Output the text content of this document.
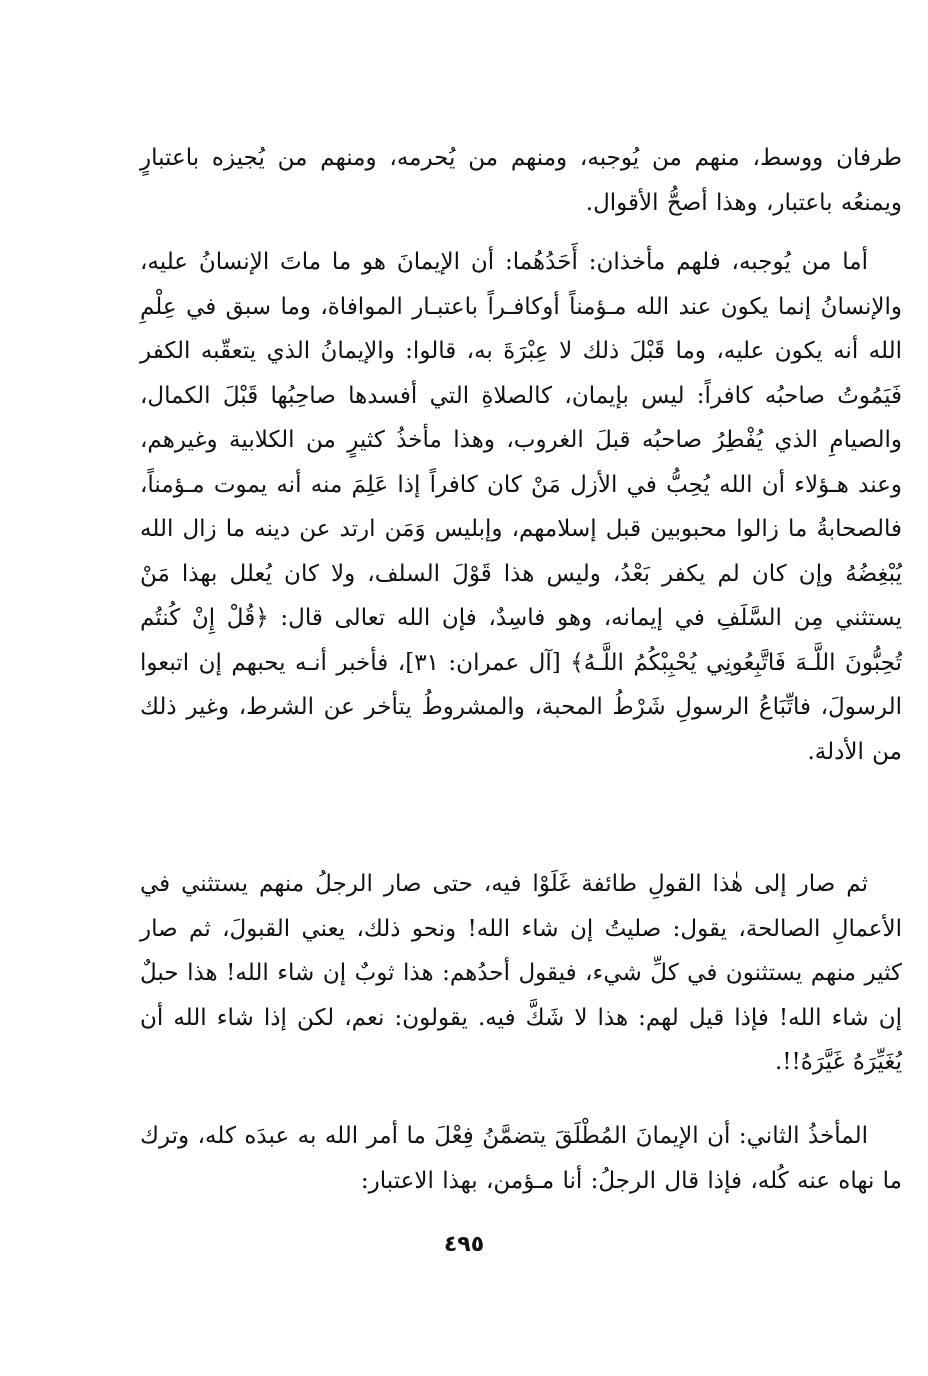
طرفان ووسط، منهم من يُوجبه، ومنهم من يُحرمه، ومنهم من يُجيزه باعتبارٍ ويمنعُه باعتبار، وهذا أصحُّ الأقوال.

أما من يُوجبه، فلهم مأخذان: أَحَدُهُما: أن الإيمانَ هو ما ماتَ الإنسانُ عليه، والإنسانُ إنما يكون عند الله مـؤمناً أوكافـراً باعتبـار الموافاة، وما سبق في عِلْمِ الله أنه يكون عليه، وما قَبْلَ ذلك لا عِبْرَةَ به، قالوا: والإيمانُ الذي يتعقّبه الكفر فَيَمُوتُ صاحبُه كافراً: ليس بإيمان، كالصلاةِ التي أفسدها صاحِبُها قَبْلَ الكمال، والصيامِ الذي يُفْطِرُ صاحبُه قبلَ الغروب، وهذا مأخذُ كثيرٍ من الكلابية وغيرهم، وعند هـؤلاء أن الله يُحِبُّ في الأزل مَنْ كان كافراً إذا عَلِمَ منه أنه يموت مـؤمناً، فالصحابةُ ما زالوا محبوبين قبل إسلامهم، وإبليس وَمَن ارتد عن دينه ما زال الله يُبْغِضُهُ وإن كان لم يكفر بَعْدُ، وليس هذا قَوْلَ السلف، ولا كان يُعلل بهذا مَنْ يستثني مِن السَّلَفِ في إيمانه، وهو فاسِدٌ، فإن الله تعالى قال: ﴿قُلْ إِنْ كُنتُم تُحِبُّونَ اللَّـهَ فَاتَّبِعُونِي يُحْبِبْكُمُ اللَّـهُ﴾ [آل عمران: ٣١]، فأخبر أنـه يحبهم إن اتبعوا الرسولَ، فاتِّبَاعُ الرسولِ شَرْطُ المحبة، والمشروطُ يتأخر عن الشرط، وغير ذلك من الأدلة.

ثم صار إلى هٰذا القولِ طائفة غَلَوْا فيه، حتى صار الرجلُ منهم يستثني في الأعمالِ الصالحة، يقول: صليتُ إن شاء الله! ونحو ذلك، يعني القبولَ، ثم صار كثير منهم يستثنون في كلِّ شيء، فيقول أحدُهم: هذا ثوبٌ إن شاء الله! هذا حبلٌ إن شاء الله! فإذا قيل لهم: هذا لا شَكَّ فيه. يقولون: نعم، لكن إذا شاء الله أن يُغَيِّرَهُ غَيَّرَهُ!!.

المأخذُ الثاني: أن الإيمانَ المُطْلَقَ يتضمَّنُ فِعْلَ ما أمر الله به عبدَه كله، وترك ما نهاه عنه كُله، فإذا قال الرجلُ: أنا مـؤمن، بهذا الاعتبار:

٤٩٥
